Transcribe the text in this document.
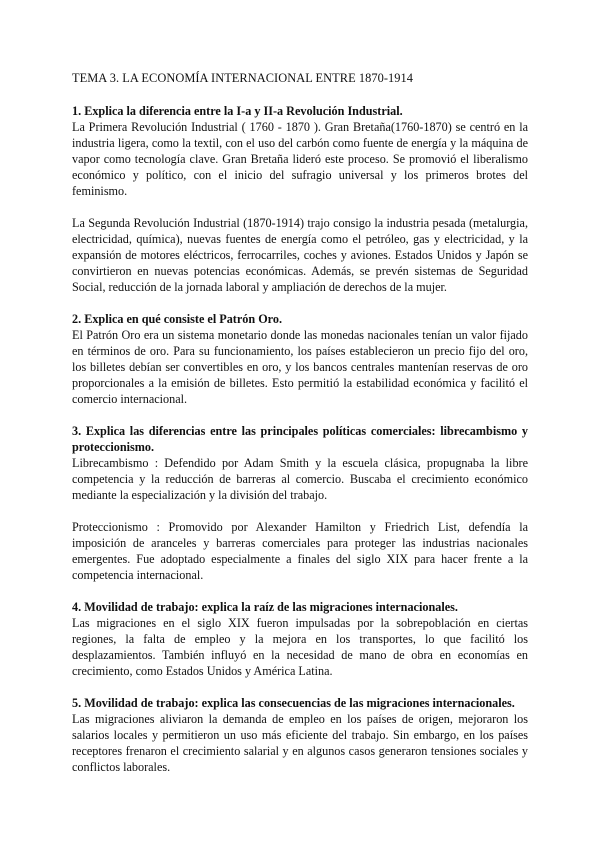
TEMA 3. LA ECONOMÍA INTERNACIONAL ENTRE 1870-1914
1. Explica la diferencia entre la I-a y II-a Revolución Industrial.
La Primera Revolución Industrial ( 1760 - 1870 ). Gran Bretaña(1760-1870) se centró en la industria ligera, como la textil, con el uso del carbón como fuente de energía y la máquina de vapor como tecnología clave. Gran Bretaña lideró este proceso. Se promovió el liberalismo económico y político, con el inicio del sufragio universal y los primeros brotes del feminismo.
La Segunda Revolución Industrial (1870-1914) trajo consigo la industria pesada (metalurgia, electricidad, química), nuevas fuentes de energía como el petróleo, gas y electricidad, y la expansión de motores eléctricos, ferrocarriles, coches y aviones. Estados Unidos y Japón se convirtieron en nuevas potencias económicas. Además, se prevén sistemas de Seguridad Social, reducción de la jornada laboral y ampliación de derechos de la mujer.
2. Explica en qué consiste el Patrón Oro.
El Patrón Oro era un sistema monetario donde las monedas nacionales tenían un valor fijado en términos de oro. Para su funcionamiento, los países establecieron un precio fijo del oro, los billetes debían ser convertibles en oro, y los bancos centrales mantenían reservas de oro proporcionales a la emisión de billetes. Esto permitió la estabilidad económica y facilitó el comercio internacional.
3. Explica las diferencias entre las principales políticas comerciales: librecambismo y proteccionismo.
Librecambismo : Defendido por Adam Smith y la escuela clásica, propugnaba la libre competencia y la reducción de barreras al comercio. Buscaba el crecimiento económico mediante la especialización y la división del trabajo.
Proteccionismo : Promovido por Alexander Hamilton y Friedrich List, defendía la imposición de aranceles y barreras comerciales para proteger las industrias nacionales emergentes. Fue adoptado especialmente a finales del siglo XIX para hacer frente a la competencia internacional.
4. Movilidad de trabajo: explica la raíz de las migraciones internacionales.
Las migraciones en el siglo XIX fueron impulsadas por la sobrepoblación en ciertas regiones, la falta de empleo y la mejora en los transportes, lo que facilitó los desplazamientos. También influyó en la necesidad de mano de obra en economías en crecimiento, como Estados Unidos y América Latina.
5. Movilidad de trabajo: explica las consecuencias de las migraciones internacionales.
Las migraciones aliviaron la demanda de empleo en los países de origen, mejoraron los salarios locales y permitieron un uso más eficiente del trabajo. Sin embargo, en los países receptores frenaron el crecimiento salarial y en algunos casos generaron tensiones sociales y conflictos laborales.
